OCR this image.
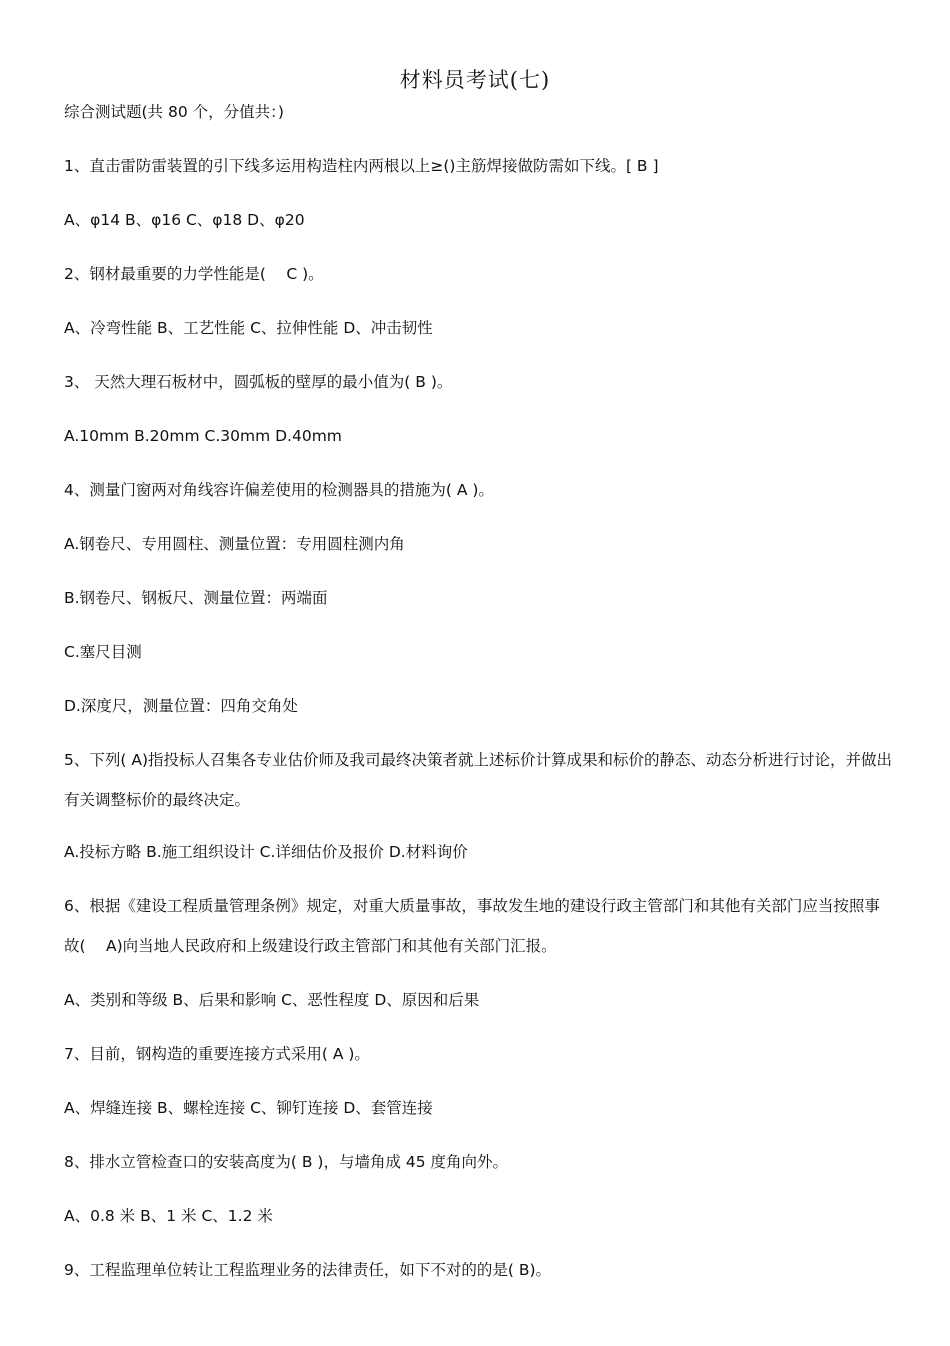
材料员考试(七)
综合测试题(共 80 个，分值共：)
1、直击雷防雷装置的引下线多运用构造柱内两根以上≥()主筋焊接做防需如下线。[ B ]
A、φ14 B、φ16 C、φ18 D、φ20
2、钢材最重要的力学性能是(　 C )。
A、冷弯性能 B、工艺性能 C、拉伸性能 D、冲击韧性
3、 天然大理石板材中，圆弧板的壁厚的最小值为( B )。
A.10mm B.20mm C.30mm D.40mm
4、测量门窗两对角线容许偏差使用的检测器具的措施为( A )。
A.钢卷尺、专用圆柱、测量位置：专用圆柱测内角
B.钢卷尺、钢板尺、测量位置：两端面
C.塞尺目测
D.深度尺，测量位置：四角交角处
5、下列( A)指投标人召集各专业估价师及我司最终决策者就上述标价计算成果和标价的静态、动态分析进行讨论，并做出有关调整标价的最终决定。
A.投标方略 B.施工组织设计 C.详细估价及报价 D.材料询价
6、根据《建设工程质量管理条例》规定，对重大质量事故，事故发生地的建设行政主管部门和其他有关部门应当按照事故(　 A)向当地人民政府和上级建设行政主管部门和其他有关部门汇报。
A、类别和等级 B、后果和影响 C、恶性程度 D、原因和后果
7、目前，钢构造的重要连接方式采用( A )。
A、焊缝连接 B、螺栓连接 C、铆钉连接 D、套管连接
8、排水立管检查口的安装高度为( B )，与墙角成 45 度角向外。
A、0.8 米 B、1 米 C、1.2 米
9、工程监理单位转让工程监理业务的法律责任，如下不对的的是( B)。
